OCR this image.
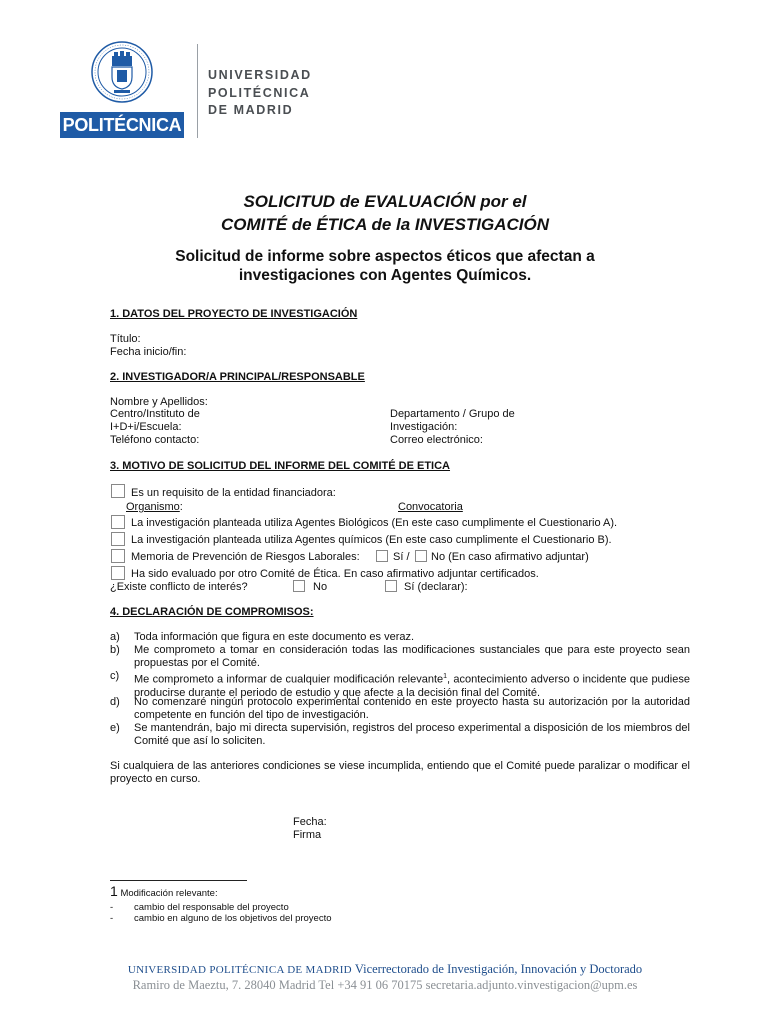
POLITÉCNICA
UNIVERSIDAD
POLITÉCNICA
DE MADRID
SOLICITUD de EVALUACIÓN por el
COMITÉ de ÉTICA de la INVESTIGACIÓN
Solicitud de informe sobre aspectos éticos que afectan a
investigaciones con Agentes Químicos.
1. DATOS DEL PROYECTO DE INVESTIGACIÓN
Título:
Fecha inicio/fin:
2. INVESTIGADOR/A PRINCIPAL/RESPONSABLE
Nombre y Apellidos:
Centro/Instituto de
I+D+i/Escuela:
Teléfono contacto:
Departamento / Grupo de
Investigación:
Correo electrónico:
3. MOTIVO DE SOLICITUD DEL INFORME DEL COMITÉ DE ETICA
Es un requisito de la entidad financiadora:
Organismo:	Convocatoria
La investigación planteada utiliza Agentes Biológicos (En este caso cumplimente el Cuestionario A).
La investigación planteada utiliza Agentes químicos (En este caso cumplimente el Cuestionario B).
Memoria de Prevención de Riesgos Laborales:	Sí / No (En caso afirmativo adjuntar)
Ha sido evaluado por otro Comité de Ética. En caso afirmativo adjuntar certificados.
¿Existe conflicto de interés?	No	Sí (declarar):
4. DECLARACIÓN DE COMPROMISOS:
a) Toda información que figura en este documento es veraz.
b) Me comprometo a tomar en consideración todas las modificaciones sustanciales que para este proyecto sean propuestas por el Comité.
c) Me comprometo a informar de cualquier modificación relevante$^1$, acontecimiento adverso o incidente que pudiese producirse durante el periodo de estudio y que afecte a la decisión final del Comité.
d) No comenzaré ningún protocolo experimental contenido en este proyecto hasta su autorización por la autoridad competente en función del tipo de investigación.
e) Se mantendrán, bajo mi directa supervisión, registros del proceso experimental a disposición de los miembros del Comité que así lo soliciten.
Si cualquiera de las anteriores condiciones se viese incumplida, entiendo que el Comité puede paralizar o modificar el proyecto en curso.
Fecha:
Firma
1 Modificación relevante:
- cambio del responsable del proyecto
- cambio en alguno de los objetivos del proyecto
UNIVERSIDAD POLITÉCNICA DE MADRID Vicerrectorado de Investigación, Innovación y Doctorado
Ramiro de Maeztu, 7. 28040 Madrid Tel +34 91 06 70175 secretaria.adjunto.vinvestigacion@upm.es
